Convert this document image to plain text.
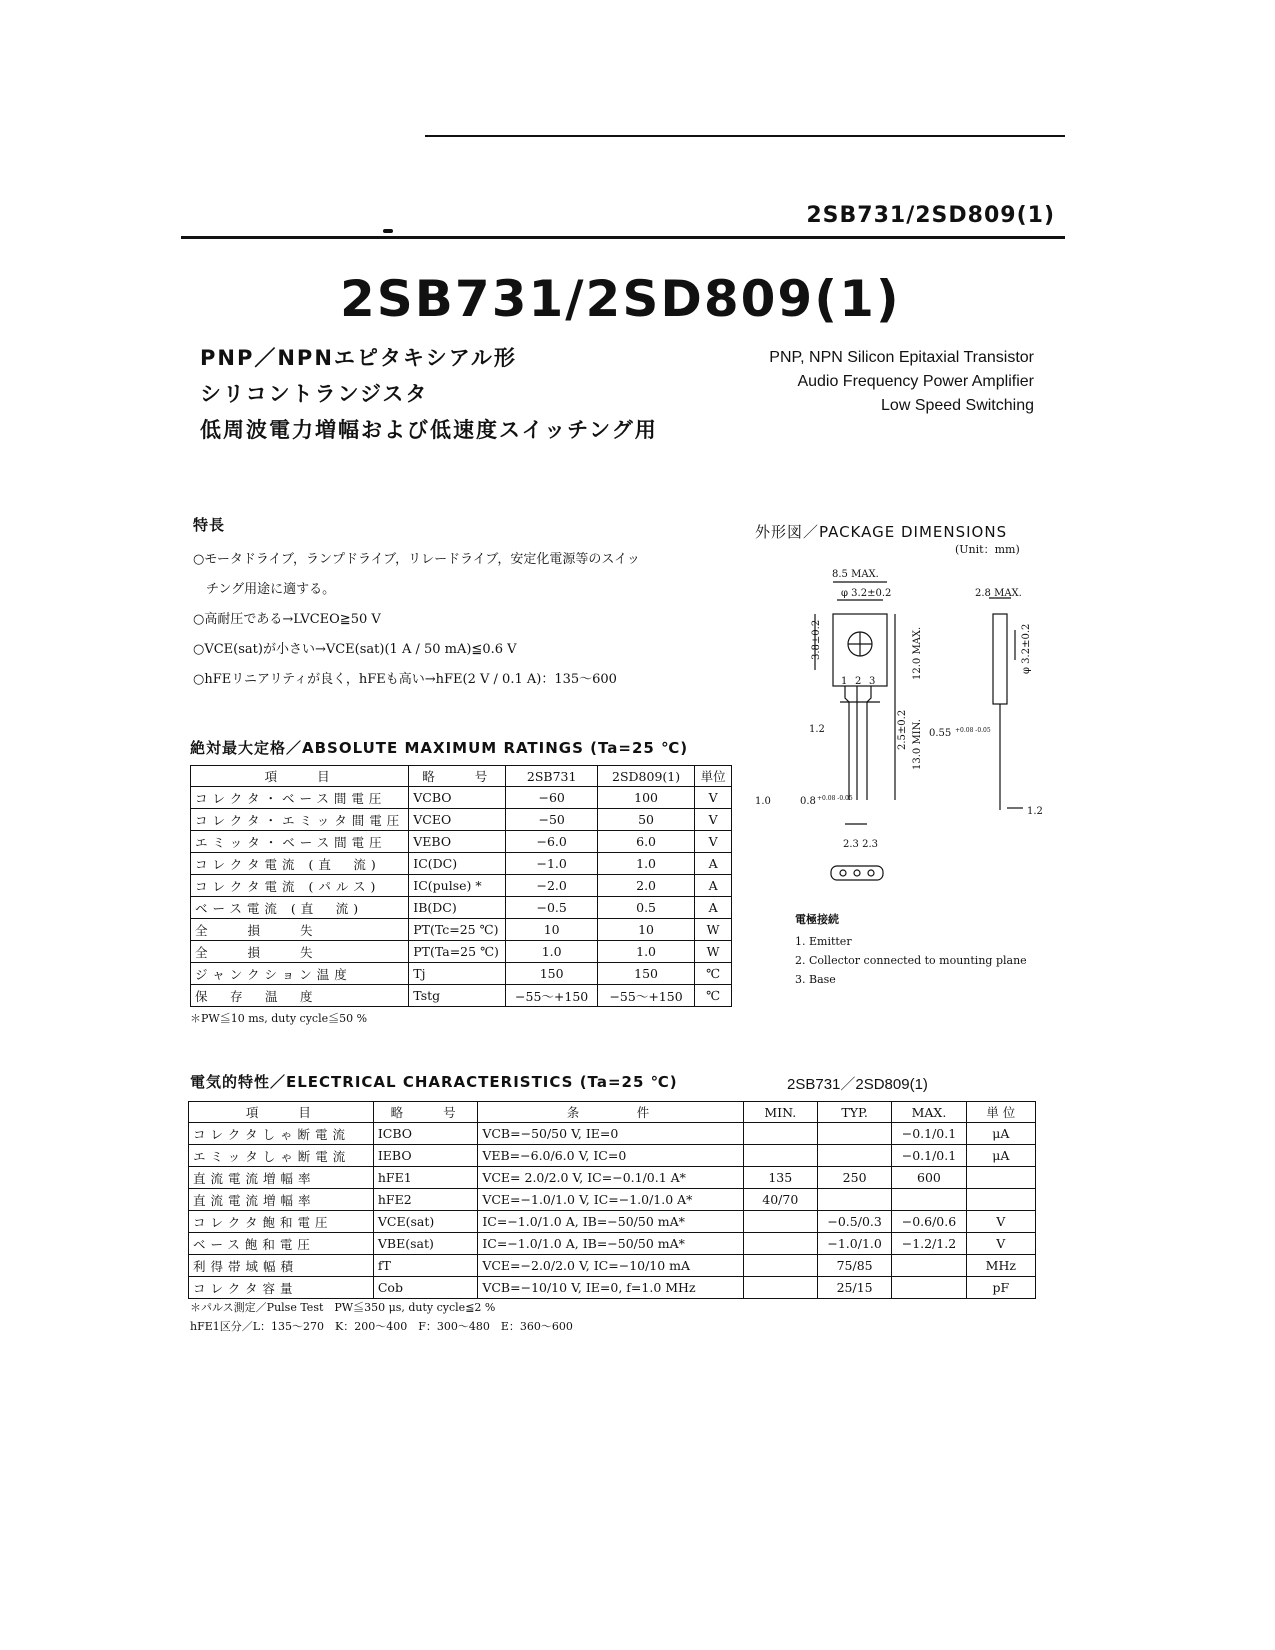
2SB731/2SD809(1)
2SB731/2SD809(1)
PNP／NPNエピタキシアル形
シリコントランジスタ
低周波電力増幅および低速度スイッチング用
PNP, NPN Silicon Epitaxial Transistor
Audio Frequency Power Amplifier
Low Speed Switching
特長
○モータドライブ，ランプドライブ，リレードライブ，安定化電源等のスイッ
　チング用途に適する。
○高耐圧である→LVCEO≧50 V
○VCE(sat)が小さい→VCE(sat)(1 A / 50 mA)≦0.6 V
○hFEリニアリティが良く，hFEも高い→hFE(2 V / 0.1 A)：135～600
外形図／PACKAGE DIMENSIONS
(Unit：mm)
8.5 MAX.
φ 3.2±0.2	2.8 MAX.
3.8±0.2	12.0 MAX.
13.0 MIN.
2.5±0.2
1.2	0.55 +0.08 -0.05
1.0	0.8 +0.08 -0.05
2.3 2.3
φ 3.2±0.2
1.2
1 2 3
電極接続
1. Emitter
2. Collector connected to mounting plane
3. Base
絶対最大定格／ABSOLUTE MAXIMUM RATINGS (Ta=25 ℃)
項　　目	略　　号	2SB731	2SD809(1)	単位
コレクタ・ベース間電圧	VCBO	−60	100	V
コレクタ・エミッタ間電圧	VCEO	−50	50	V
エミッタ・ベース間電圧	VEBO	−6.0	6.0	V
コレクタ電流 (直　流)	IC(DC)	−1.0	1.0	A
コレクタ電流 (パルス)	IC(pulse) *	−2.0	2.0	A
ベース電流 (直　流)	IB(DC)	−0.5	0.5	A
全　　損　　失	PT(Tc=25 ℃)	10	10	W
全　　損　　失	PT(Ta=25 ℃)	1.0	1.0	W
ジャンクション温度	Tj	150	150	℃
保　存　温　度	Tstg	−55～+150	−55～+150	℃
＊PW≦10 ms, duty cycle≦50 %
電気的特性／ELECTRICAL CHARACTERISTICS (Ta=25 ℃)	2SB731／2SD809(1)
項　　目	略　　号	条　　　件	MIN.	TYP.	MAX.	単 位
コレクタしゃ断電流	ICBO	VCB=−50/50 V, IE=0			−0.1/0.1	μA
エミッタしゃ断電流	IEBO	VEB=−6.0/6.0 V, IC=0			−0.1/0.1	μA
直流電流増幅率	hFE1	VCE= 2.0/2.0 V, IC=−0.1/0.1 A*	135	250	600	
直流電流増幅率	hFE2	VCE=−1.0/1.0 V, IC=−1.0/1.0 A*	40/70			
コレクタ飽和電圧	VCE(sat)	IC=−1.0/1.0 A, IB=−50/50 mA*		−0.5/0.3	−0.6/0.6	V
ベース飽和電圧	VBE(sat)	IC=−1.0/1.0 A, IB=−50/50 mA*		−1.0/1.0	−1.2/1.2	V
利得帯域幅積	fT	VCE=−2.0/2.0 V, IC=−10/10 mA		75/85		MHz
コレクタ容量	Cob	VCB=−10/10 V, IE=0, f=1.0 MHz		25/15		pF
＊パルス測定／Pulse Test　PW≦350 μs, duty cycle≦2 %
hFE1区分／L：135～270　K：200～400　F：300～480　E：360～600
